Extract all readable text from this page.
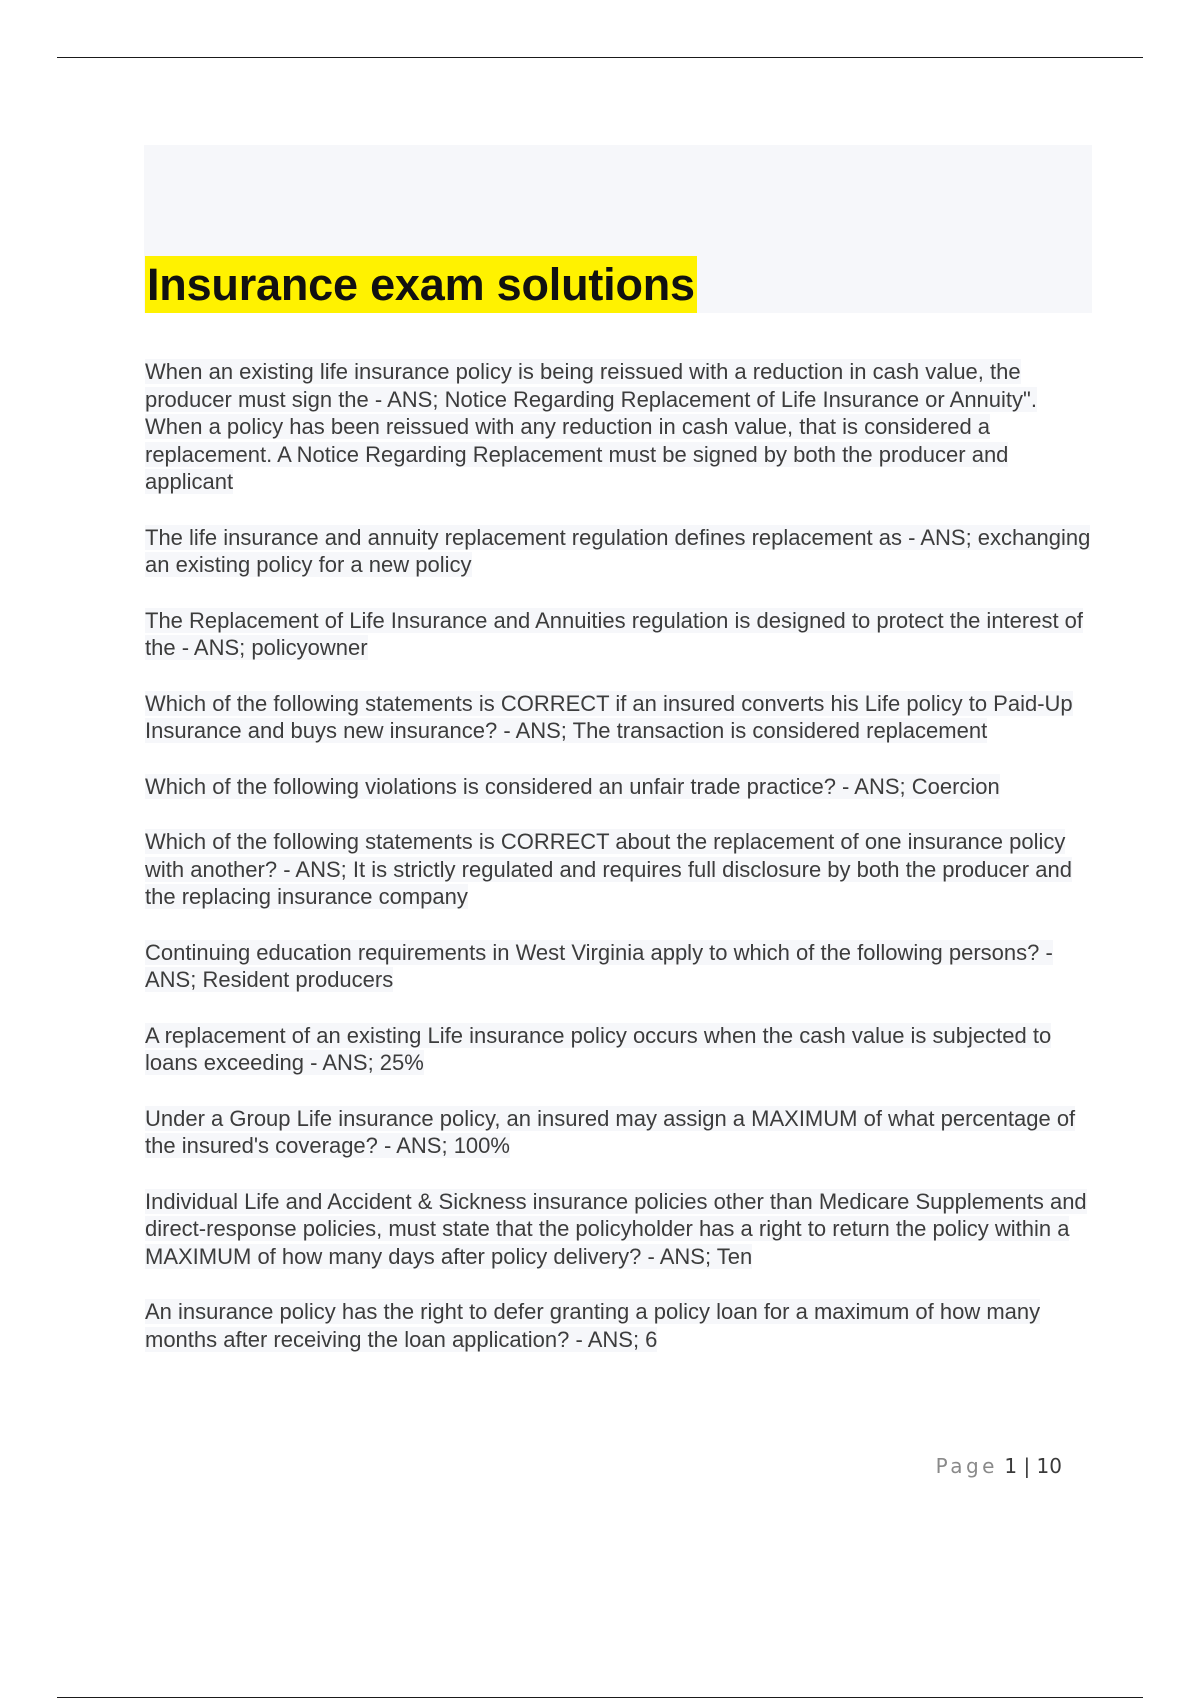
Insurance exam solutions

When an existing life insurance policy is being reissued with a reduction in cash value, the producer must sign the - ANS; Notice Regarding Replacement of Life Insurance or Annuity". When a policy has been reissued with any reduction in cash value, that is considered a replacement. A Notice Regarding Replacement must be signed by both the producer and applicant

The life insurance and annuity replacement regulation defines replacement as - ANS; exchanging an existing policy for a new policy

The Replacement of Life Insurance and Annuities regulation is designed to protect the interest of the - ANS; policyowner

Which of the following statements is CORRECT if an insured converts his Life policy to Paid-Up Insurance and buys new insurance? - ANS; The transaction is considered replacement

Which of the following violations is considered an unfair trade practice? - ANS; Coercion

Which of the following statements is CORRECT about the replacement of one insurance policy with another? - ANS; It is strictly regulated and requires full disclosure by both the producer and the replacing insurance company

Continuing education requirements in West Virginia apply to which of the following persons? - ANS; Resident producers

A replacement of an existing Life insurance policy occurs when the cash value is subjected to loans exceeding - ANS; 25%

Under a Group Life insurance policy, an insured may assign a MAXIMUM of what percentage of the insured's coverage? - ANS; 100%

Individual Life and Accident & Sickness insurance policies other than Medicare Supplements and direct-response policies, must state that the policyholder has a right to return the policy within a MAXIMUM of how many days after policy delivery? - ANS; Ten

An insurance policy has the right to defer granting a policy loan for a maximum of how many months after receiving the loan application? - ANS; 6

Page 1 | 10
